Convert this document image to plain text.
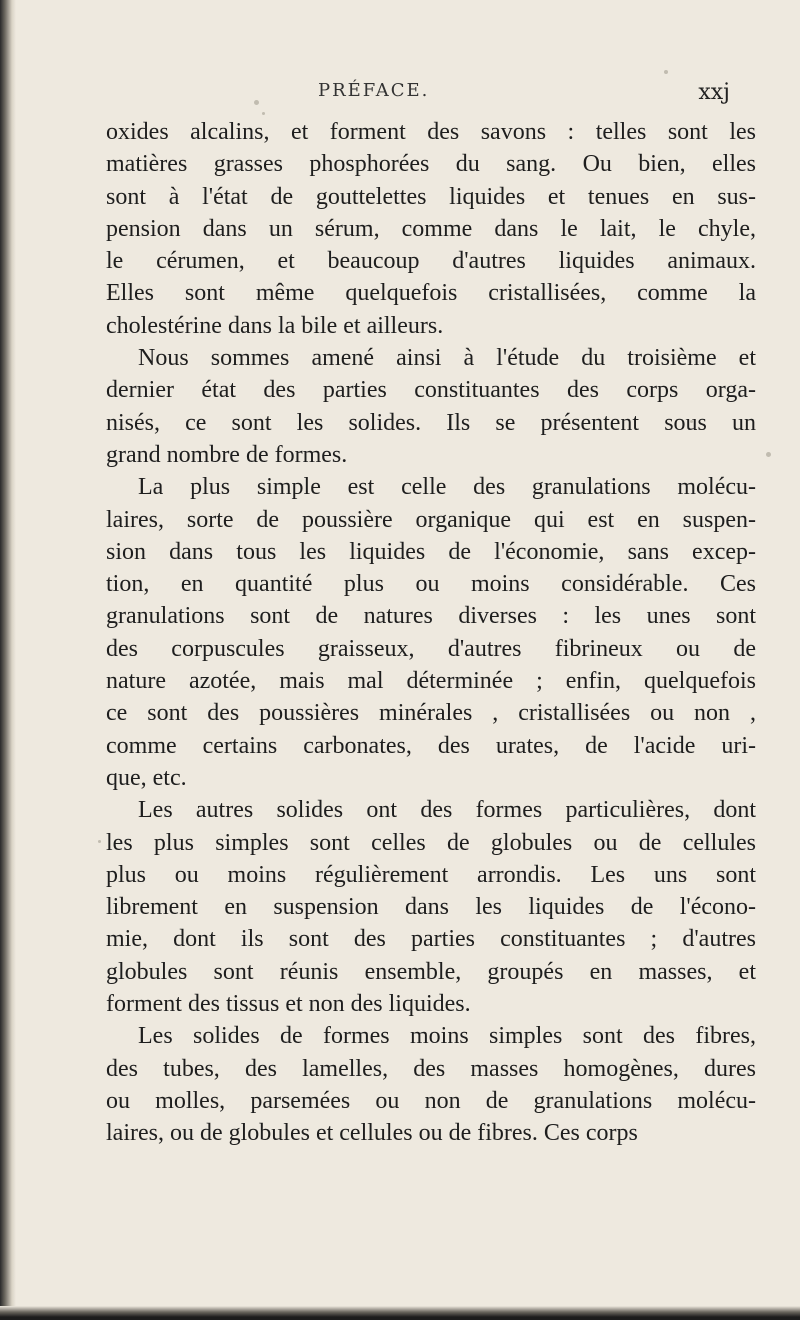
PRÉFACE.	xxj
oxides alcalins, et forment des savons : telles sont les
matières grasses phosphorées du sang. Ou bien, elles
sont à l'état de gouttelettes liquides et tenues en sus-
pension dans un sérum, comme dans le lait, le chyle,
le cérumen, et beaucoup d'autres liquides animaux.
Elles sont même quelquefois cristallisées, comme la
cholestérine dans la bile et ailleurs.
Nous sommes amené ainsi à l'étude du troisième et
dernier état des parties constituantes des corps orga-
nisés, ce sont les solides. Ils se présentent sous un
grand nombre de formes.
La plus simple est celle des granulations molécu-
laires, sorte de poussière organique qui est en suspen-
sion dans tous les liquides de l'économie, sans excep-
tion, en quantité plus ou moins considérable. Ces
granulations sont de natures diverses : les unes sont
des corpuscules graisseux, d'autres fibrineux ou de
nature azotée, mais mal déterminée ; enfin, quelquefois
ce sont des poussières minérales , cristallisées ou non ,
comme certains carbonates, des urates, de l'acide uri-
que, etc.
Les autres solides ont des formes particulières, dont
les plus simples sont celles de globules ou de cellules
plus ou moins régulièrement arrondis. Les uns sont
librement en suspension dans les liquides de l'écono-
mie, dont ils sont des parties constituantes ; d'autres
globules sont réunis ensemble, groupés en masses, et
forment des tissus et non des liquides.
Les solides de formes moins simples sont des fibres,
des tubes, des lamelles, des masses homogènes, dures
ou molles, parsemées ou non de granulations molécu-
laires, ou de globules et cellules ou de fibres. Ces corps
